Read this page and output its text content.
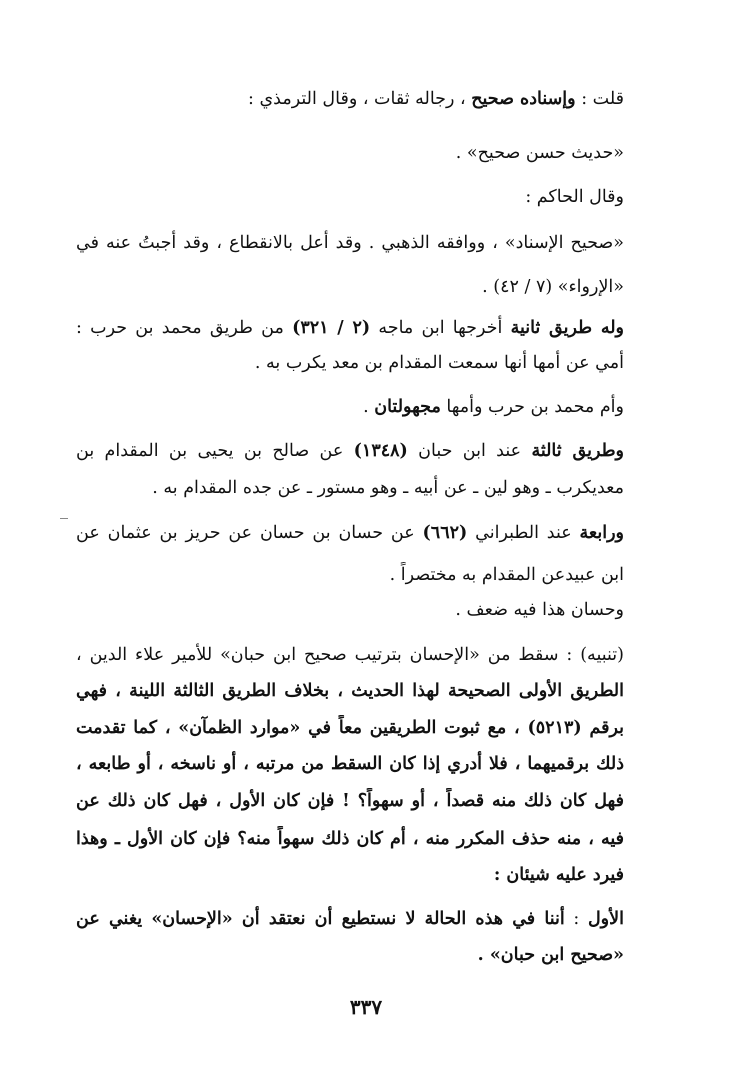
قلت : وإسناده صحيح ، رجاله ثقات ، وقال الترمذي :
«حديث حسن صحيح» .
وقال الحاكم :
«صحيح الإسناد» ، ووافقه الذهبي . وقد أُعل بالانقطاع ، وقد أجبتُ عنه في
«الإرواء» (٧ / ٤٢) .
وله طريق ثانية أخرجها ابن ماجه (٢ / ٣٢١) من طريق محمد بن حرب :
أمي عن أمها أنها سمعت المقدام بن معد يكرب به .
وأم محمد بن حرب وأمها مجهولتان .
وطريق ثالثة عند ابن حبان (١٣٤٨) عن صالح بن يحيى بن المقدام بن
معديكرب ـ وهو لين ـ عن أبيه ـ وهو مستور ـ عن جده المقدام به .
ورابعة عند الطبراني (٦٦٢) عن حسان بن حسان عن حريز بن عثمان عن
ابن عبيدعن المقدام به مختصراً .
وحسان هذا فيه ضعف .
(تنبيه) : سقط من «الإحسان بترتيب صحيح ابن حبان» للأمير علاء الدين ،
الطريق الأولى الصحيحة لهذا الحديث ، بخلاف الطريق الثالثة اللينة ، فهي
برقم (٥٢١٣) ، مع ثبوت الطريقين معاً في «موارد الظمآن» ، كما تقدمت
ذلك برقميهما ، فلا أدري إذا كان السقط من مرتبه ، أو ناسخه ، أو طابعه ،
فهل كان ذلك منه قصداً ، أو سهواً؟ ! فإن كان الأول ، فهل كان ذلك عن
فيه ، منه حذف المكرر منه ، أم كان ذلك سهواً منه؟ فإن كان الأول ـ وهذا
فيرد عليه شيئان :
الأول : أننا في هذه الحالة لا نستطيع أن نعتقد أن «الإحسان» يغني عن
«صحيح ابن حبان» .
٣٣٧
